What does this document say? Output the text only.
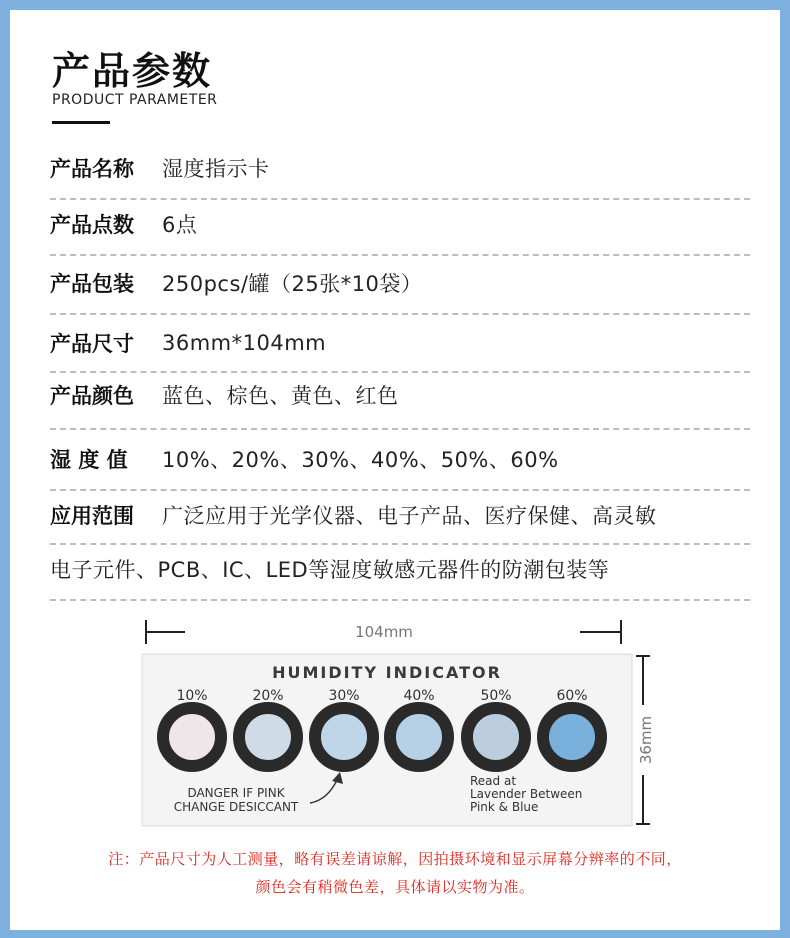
产品参数
PRODUCT PARAMETER
产品名称	湿度指示卡
产品点数	6点
产品包装	250pcs/罐（25张*10袋）
产品尺寸	36mm*104mm
产品颜色	蓝色、棕色、黄色、红色
湿 度 值	10%、20%、30%、40%、50%、60%
应用范围	广泛应用于光学仪器、电子产品、医疗保健、高灵敏
电子元件、PCB、IC、LED等湿度敏感元器件的防潮包装等
104mm
36mm
HUMIDITY INDICATOR
10%	20%	30%	40%	50%	60%
DANGER IF PINK
CHANGE DESICCANT
Read at
Lavender Between
Pink & Blue
注：产品尺寸为人工测量，略有误差请谅解，因拍摄环境和显示屏幕分辨率的不同，
颜色会有稍微色差，具体请以实物为准。
